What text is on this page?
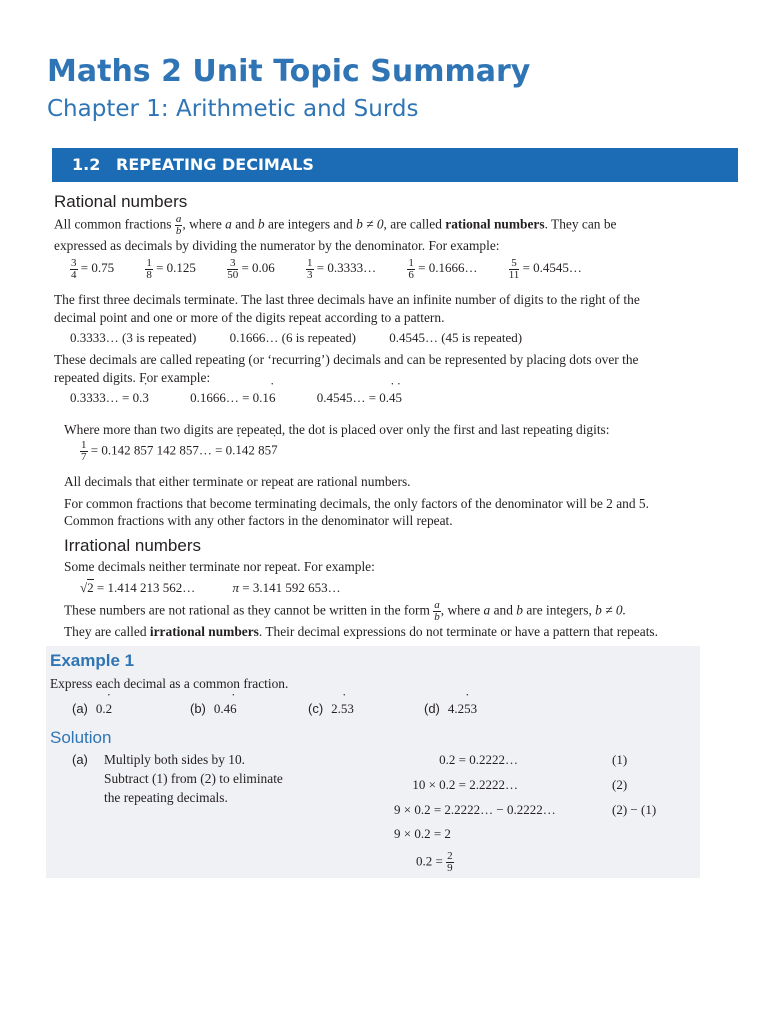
Maths 2 Unit Topic Summary
Chapter 1: Arithmetic and Surds
1.2 REPEATING DECIMALS
Rational numbers
All common fractions $\frac{a}{b}$ , where a and b are integers and b ≠ 0, are called rational numbers. They can be
expressed as decimals by dividing the numerator by the denominator. For example:
$\frac{3}{4} = 0.75$	$\frac{1}{8} = 0.125$	$\frac{3}{50} = 0.06$	$\frac{1}{3}$ = 0.3333…	$\frac{1}{6}$ = 0.1666…	$\frac{5}{11}$ = 0.4545…
The first three decimals terminate. The last three decimals have an infinite number of digits to the right of the
decimal point and one or more of the digits repeat according to a pattern.
0.3333… (3 is repeated)	0.1666… (6 is repeated)	0.4545… (45 is repeated)
These decimals are called repeating (or ‘recurring’) decimals and can be represented by placing dots over the
repeated digits. For example:
0.3333… = 0.3 ˙	0.1666… = 0.16 ˙	0.4545… = 0.4 ˙5 ˙
Where more than two digits are repeated, the dot is placed over only the first and last repeating digits:
$\frac{1}{7} = 0.142$ 857 142 857… = 0.1 ˙42 857 ˙
All decimals that either terminate or repeat are rational numbers.
For common fractions that become terminating decimals, the only factors of the denominator will be 2 and 5.
Common fractions with any other factors in the denominator will repeat.
Irrational numbers
Some decimals neither terminate nor repeat. For example:
√2 = 1.414 213 562…	π = 3.141 592 653…
These numbers are not rational as they cannot be written in the form $\frac{a}{b}$ , where a and b are integers, b ≠ 0.
They are called irrational numbers. Their decimal expressions do not terminate or have a pattern that repeats.
Example 1
Express each decimal as a common fraction.
(a) 0.2 ˙	(b) 0.46 ˙	(c) 2.5 ˙3	(d) 4.25 ˙3
Solution
(a) Multiply both sides by 10.
Subtract (1) from (2) to eliminate
the repeating decimals.
0.2 = 0.2222…	(1)
10 × 0.2 = 2.2222…	(2)
9 × 0.2 = 2.2222… − 0.2222…	(2) − (1)
9 × 0.2 = 2
$0.2 = \frac{2}{9}$
